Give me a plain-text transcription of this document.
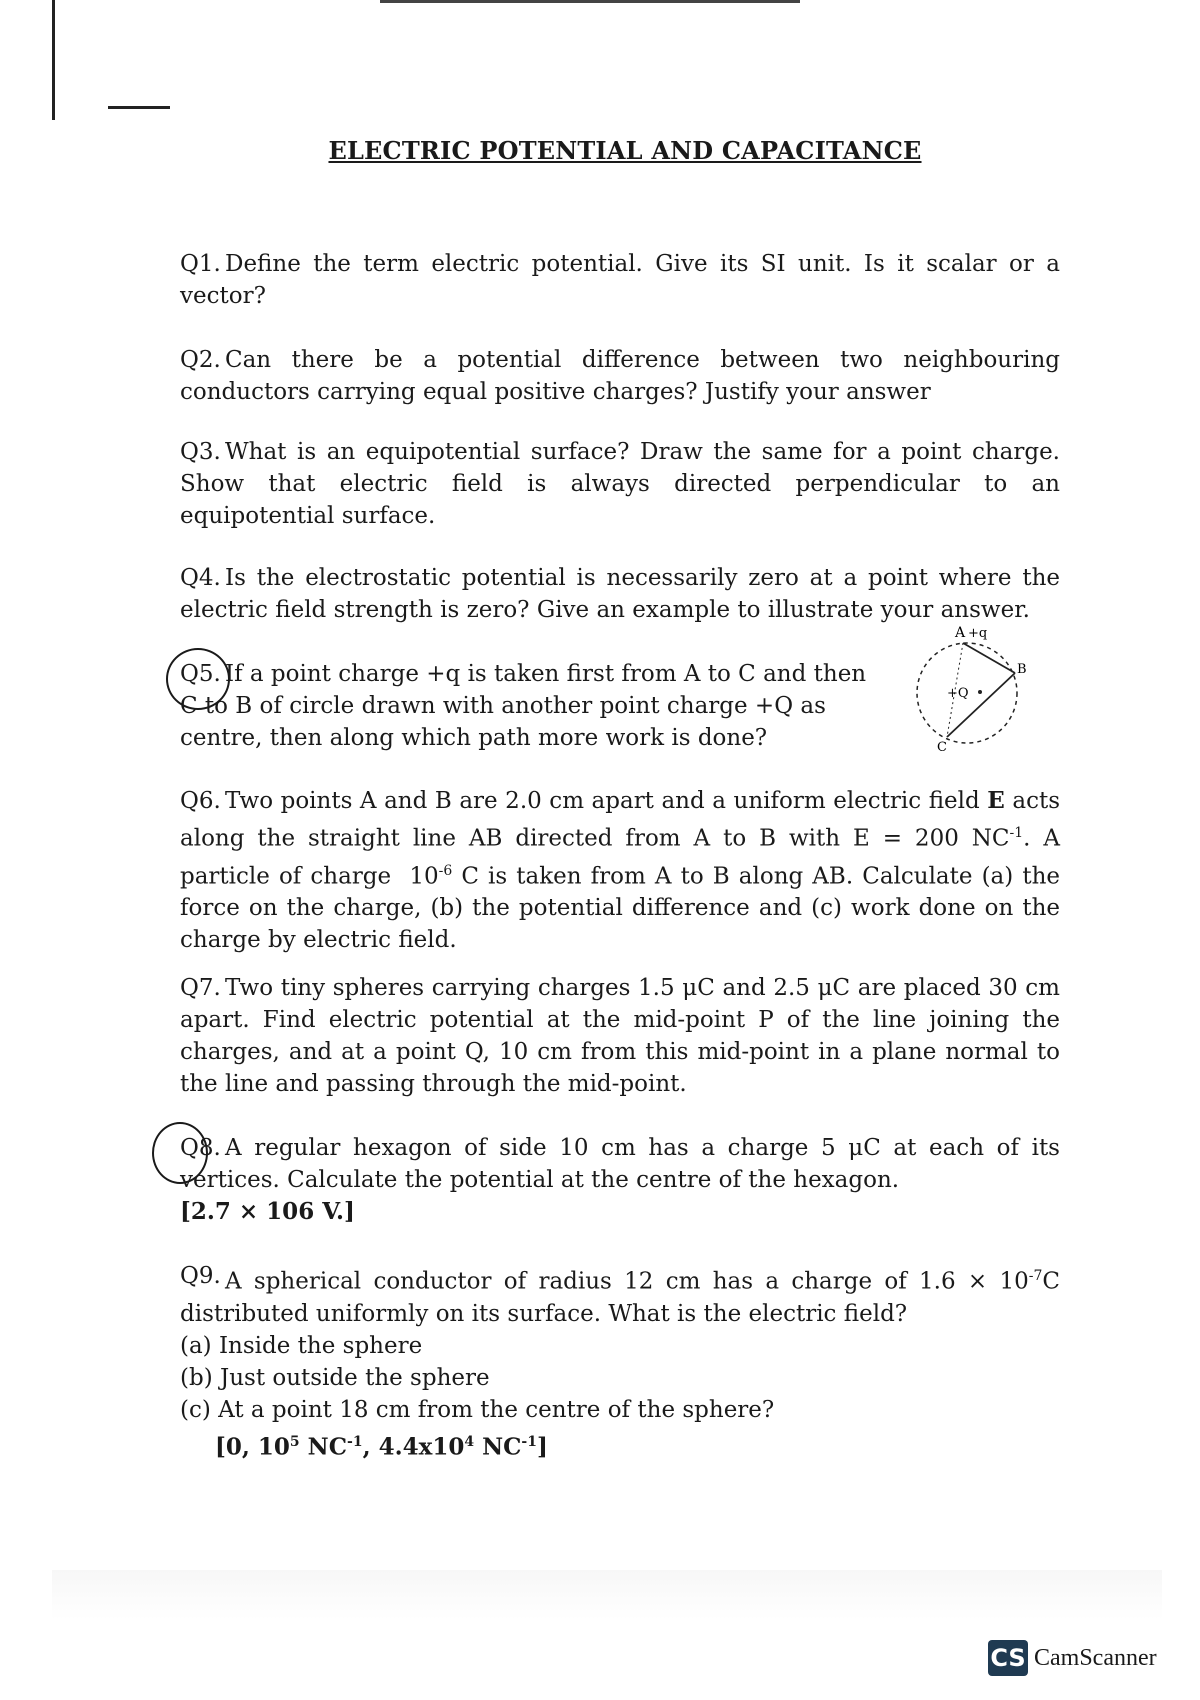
ELECTRIC POTENTIAL AND CAPACITANCE
Q1. Define the term electric potential. Give its SI unit. Is it scalar or a vector?
Q2. Can there be a potential difference between two neighbouring conductors carrying equal positive charges? Justify your answer
Q3. What is an equipotential surface? Draw the same for a point charge. Show that electric field is always directed perpendicular to an equipotential surface.
Q4. Is the electrostatic potential is necessarily zero at a point where the electric field strength is zero? Give an example to illustrate your answer.
Q5. If a point charge +q is taken first from A to C and then C to B of circle drawn with another point charge +Q as centre, then along which path more work is done?
A +q
B
C
+Q
Q6. Two points A and B are 2.0 cm apart and a uniform electric field E acts along the straight line AB directed from A to B with E = 200 $NC^{-1}$. A particle of charge $10^{-6}$ C is taken from A to B along AB. Calculate (a) the force on the charge, (b) the potential difference and (c) work done on the charge by electric field.
Q7. Two tiny spheres carrying charges 1.5 μC and 2.5 μC are placed 30 cm apart. Find electric potential at the mid-point P of the line joining the charges, and at a point Q, 10 cm from this mid-point in a plane normal to the line and passing through the mid-point.
Q8. A regular hexagon of side 10 cm has a charge 5 μC at each of its vertices. Calculate the potential at the centre of the hexagon.
[2.7 × 106 V.]
Q9. A spherical conductor of radius 12 cm has a charge of $1.6 \times 10^{-7}C$ distributed uniformly on its surface. What is the electric field?
(a) Inside the sphere
(b) Just outside the sphere
(c) At a point 18 cm from the centre of the sphere?
[0, $10^5$ $NC^{-1}$, $4.4x10^4$ $NC^{-1}$]
CS CamScanner
